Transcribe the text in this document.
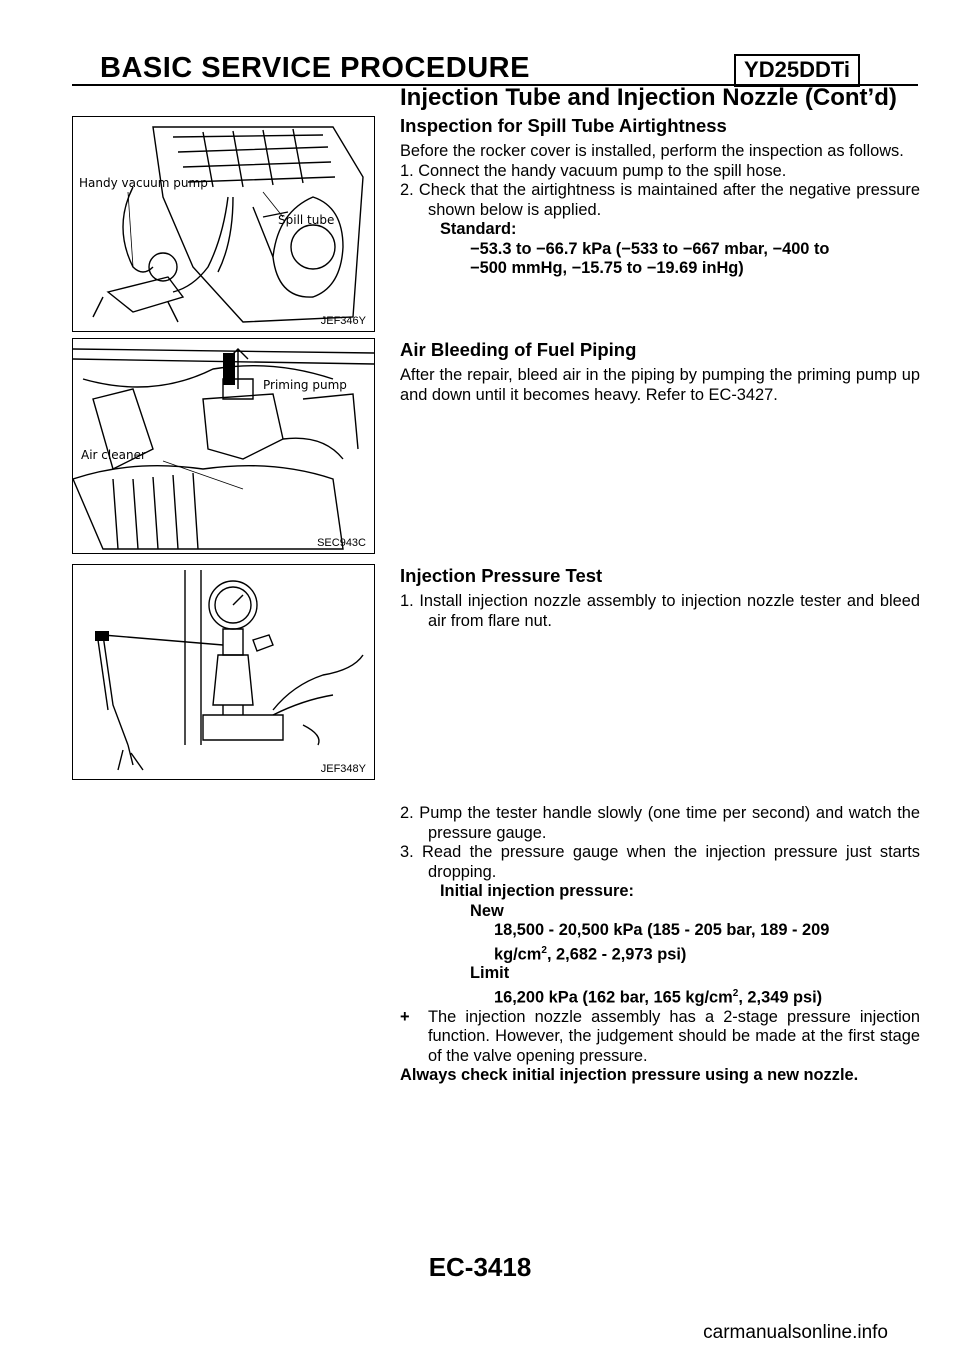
BASIC SERVICE PROCEDURE	YD25DDTi
Injection Tube and Injection Nozzle (Cont’d)
Handy vacuum pump
Spill tube
JEF346Y
Priming pump
Air cleaner
SEC943C
JEF348Y
Inspection for Spill Tube Airtightness

Before the rocker cover is installed, perform the inspection as follows.

1. Connect the handy vacuum pump to the spill hose.

2. Check that the airtightness is maintained after the negative pressure shown below is applied.

Standard:

−53.3 to −66.7 kPa (−533 to −667 mbar, −400 to

−500 mmHg, −15.75 to −19.69 inHg)

Air Bleeding of Fuel Piping

After the repair, bleed air in the piping by pumping the priming pump up and down until it becomes heavy. Refer to EC-3427.

Injection Pressure Test

1. Install injection nozzle assembly to injection nozzle tester and bleed air from flare nut.

2. Pump the tester handle slowly (one time per second) and watch the pressure gauge.

3. Read the pressure gauge when the injection pressure just starts dropping.

Initial injection pressure:

New

18,500 - 20,500 kPa (185 - 205 bar, 189 - 209

$kg/cm^2$, 2,682 - 2,973 psi)

Limit

16,200 kPa (162 bar, 165 $kg/cm^2$, 2,349 psi)

+ The injection nozzle assembly has a 2-stage pressure injection function. However, the judgement should be made at the first stage of the valve opening pressure.

Always check initial injection pressure using a new nozzle.

EC-3418
carmanualsonline.info
